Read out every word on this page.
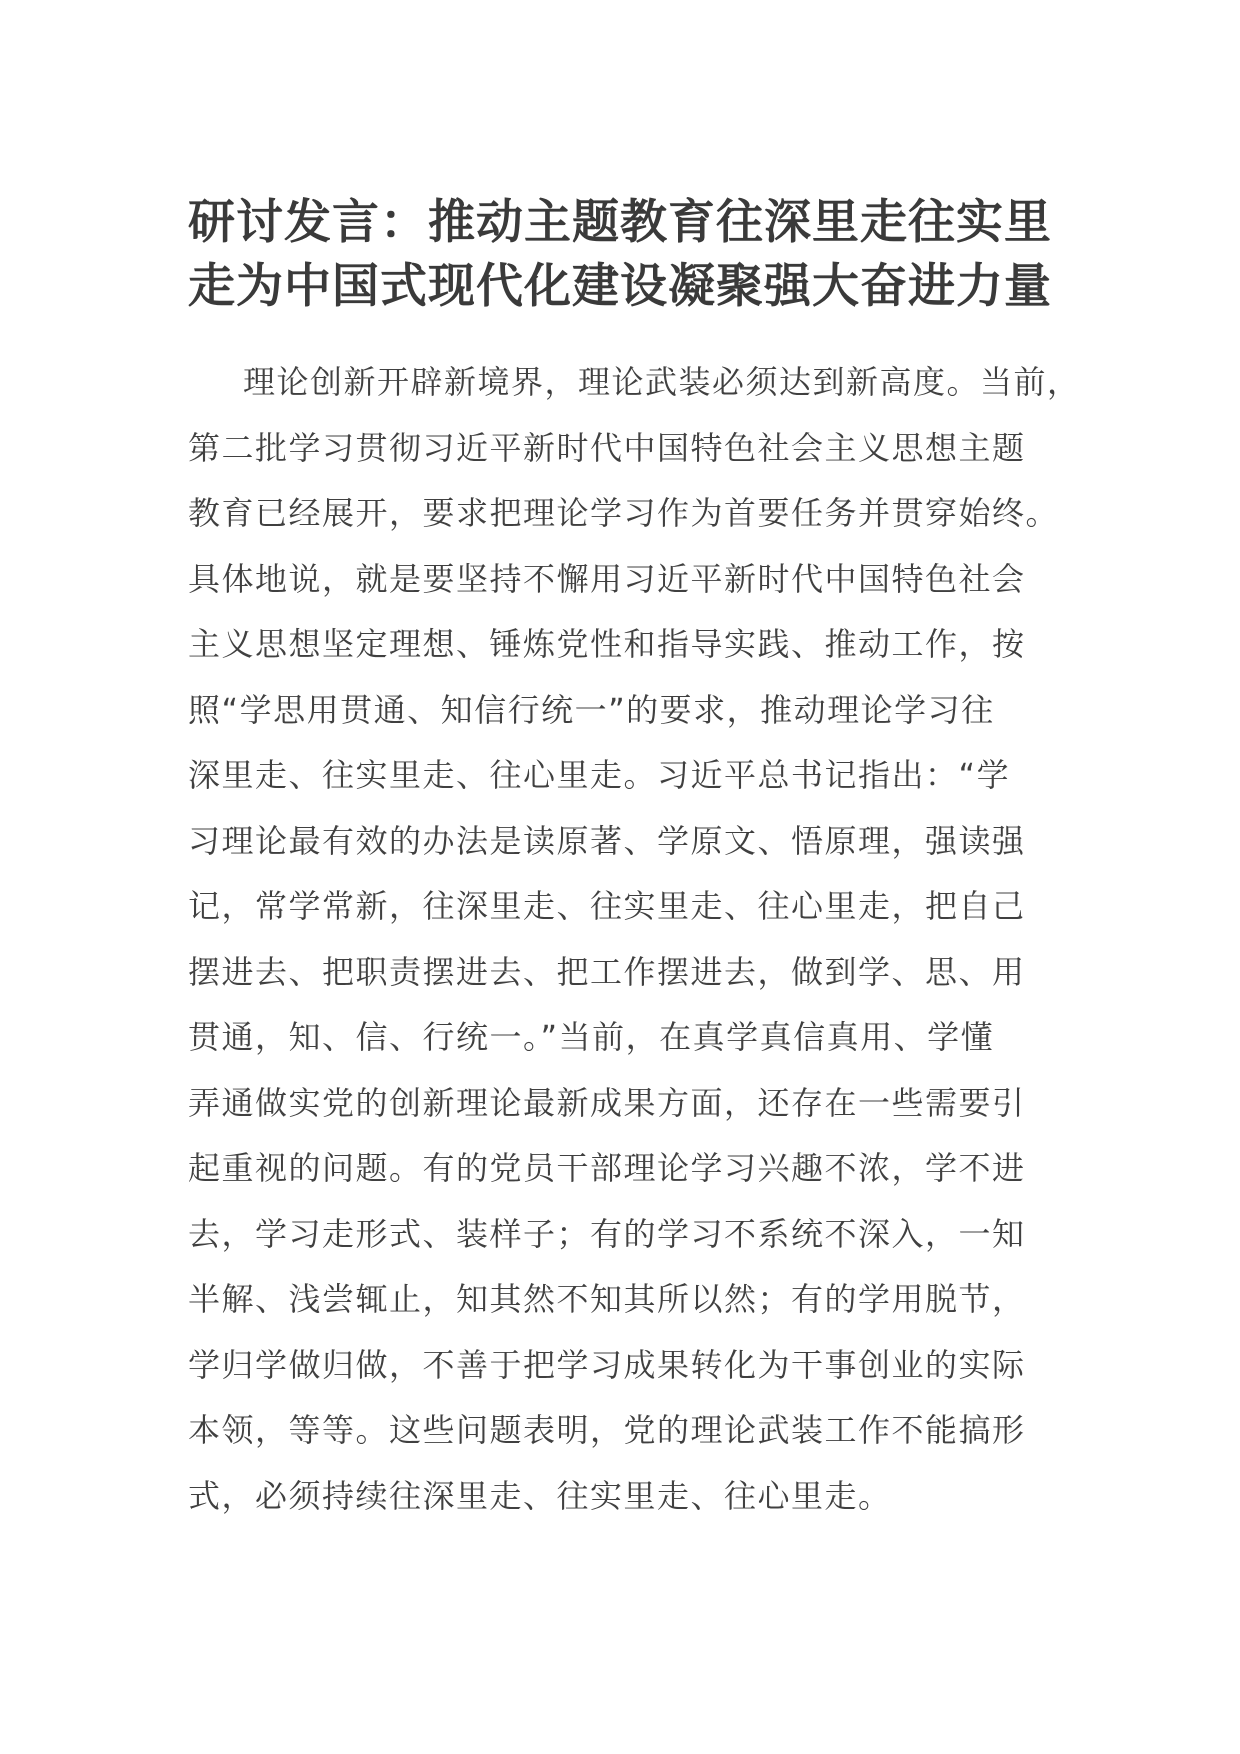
研讨发言：推动主题教育往深里走往实里
走为中国式现代化建设凝聚强大奋进力量
理论创新开辟新境界，理论武装必须达到新高度。当前，
第二批学习贯彻习近平新时代中国特色社会主义思想主题
教育已经展开，要求把理论学习作为首要任务并贯穿始终。
具体地说，就是要坚持不懈用习近平新时代中国特色社会
主义思想坚定理想、锤炼党性和指导实践、推动工作，按
照“学思用贯通、知信行统一”的要求，推动理论学习往
深里走、往实里走、往心里走。习近平总书记指出：“学
习理论最有效的办法是读原著、学原文、悟原理，强读强
记，常学常新，往深里走、往实里走、往心里走，把自己
摆进去、把职责摆进去、把工作摆进去，做到学、思、用
贯通，知、信、行统一。”当前，在真学真信真用、学懂
弄通做实党的创新理论最新成果方面，还存在一些需要引
起重视的问题。有的党员干部理论学习兴趣不浓，学不进
去，学习走形式、装样子；有的学习不系统不深入，一知
半解、浅尝辄止，知其然不知其所以然；有的学用脱节，
学归学做归做，不善于把学习成果转化为干事创业的实际
本领，等等。这些问题表明，党的理论武装工作不能搞形
式，必须持续往深里走、往实里走、往心里走。
